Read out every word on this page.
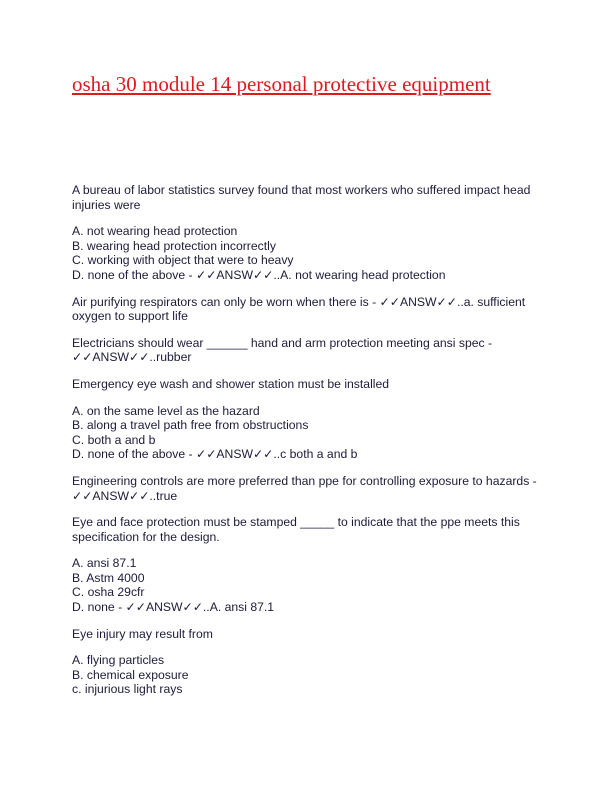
osha 30 module 14 personal protective equipment
A bureau of labor statistics survey found that most workers who suffered impact head
injuries were
A. not wearing head protection
B. wearing head protection incorrectly
C. working with object that were to heavy
D. none of the above - ✓✓ANSW✓✓..A. not wearing head protection
Air purifying respirators can only be worn when there is - ✓✓ANSW✓✓..a. sufficient
oxygen to support life
Electricians should wear ______ hand and arm protection meeting ansi spec -
✓✓ANSW✓✓..rubber
Emergency eye wash and shower station must be installed
A. on the same level as the hazard
B. along a travel path free from obstructions
C. both a and b
D. none of the above - ✓✓ANSW✓✓..c both a and b
Engineering controls are more preferred than ppe for controlling exposure to hazards -
✓✓ANSW✓✓..true
Eye and face protection must be stamped _____ to indicate that the ppe meets this
specification for the design.
A. ansi 87.1
B. Astm 4000
C. osha 29cfr
D. none - ✓✓ANSW✓✓..A. ansi 87.1
Eye injury may result from
A. flying particles
B. chemical exposure
c. injurious light rays
